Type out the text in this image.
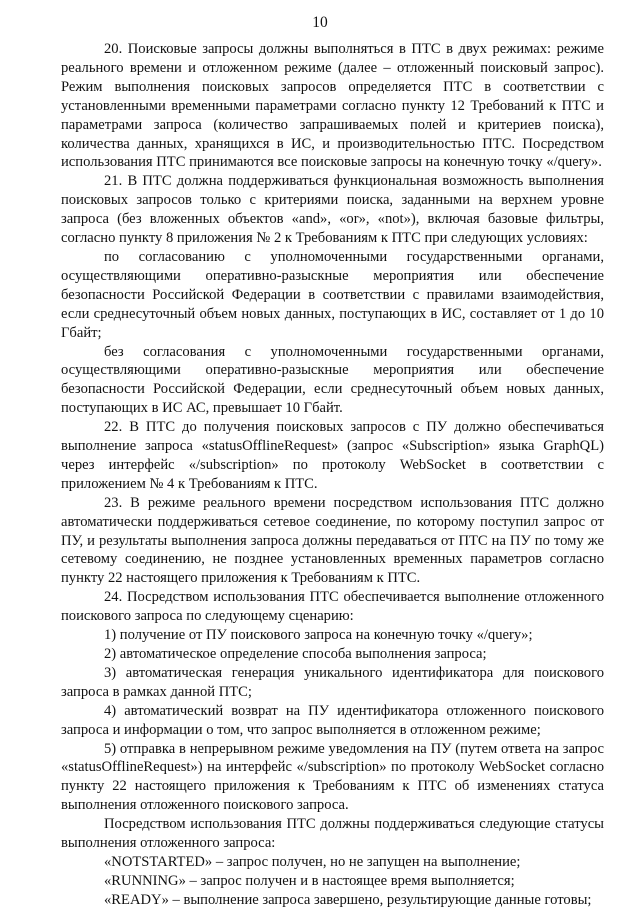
10

20. Поисковые запросы должны выполняться в ПТС в двух режимах: режиме реального времени и отложенном режиме (далее – отложенный поисковый запрос). Режим выполнения поисковых запросов определяется ПТС в соответствии с установленными временными параметрами согласно пункту 12 Требований к ПТС и параметрами запроса (количество запрашиваемых полей и критериев поиска), количества данных, хранящихся в ИС, и производительностью ПТС. Посредством использования ПТС принимаются все поисковые запросы на конечную точку «/query».

21. В ПТС должна поддерживаться функциональная возможность выполнения поисковых запросов только с критериями поиска, заданными на верхнем уровне запроса (без вложенных объектов «and», «or», «not»), включая базовые фильтры, согласно пункту 8 приложения № 2 к Требованиям к ПТС при следующих условиях:

по согласованию с уполномоченными государственными органами, осуществляющими оперативно-разыскные мероприятия или обеспечение безопасности Российской Федерации в соответствии с правилами взаимодействия, если среднесуточный объем новых данных, поступающих в ИС, составляет от 1 до 10 Гбайт;

без согласования с уполномоченными государственными органами, осуществляющими оперативно-разыскные мероприятия или обеспечение безопасности Российской Федерации, если среднесуточный объем новых данных, поступающих в ИС АС, превышает 10 Гбайт.

22. В ПТС до получения поисковых запросов с ПУ должно обеспечиваться выполнение запроса «statusOfflineRequest» (запрос «Subscription» языка GraphQL) через интерфейс «/subscription» по протоколу WebSocket в соответствии с приложением № 4 к Требованиям к ПТС.

23. В режиме реального времени посредством использования ПТС должно автоматически поддерживаться сетевое соединение, по которому поступил запрос от ПУ, и результаты выполнения запроса должны передаваться от ПТС на ПУ по тому же сетевому соединению, не позднее установленных временных параметров согласно пункту 22 настоящего приложения к Требованиям к ПТС.

24. Посредством использования ПТС обеспечивается выполнение отложенного поискового запроса по следующему сценарию:

1) получение от ПУ поискового запроса на конечную точку «/query»;

2) автоматическое определение способа выполнения запроса;

3) автоматическая генерация уникального идентификатора для поискового запроса в рамках данной ПТС;

4) автоматический возврат на ПУ идентификатора отложенного поискового запроса и информации о том, что запрос выполняется в отложенном режиме;

5) отправка в непрерывном режиме уведомления на ПУ (путем ответа на запрос «statusOfflineRequest») на интерфейс «/subscription» по протоколу WebSocket согласно пункту 22 настоящего приложения к Требованиям к ПТС об изменениях статуса выполнения отложенного поискового запроса.

Посредством использования ПТС должны поддерживаться следующие статусы выполнения отложенного запроса:

«NOTSTARTED» – запрос получен, но не запущен на выполнение;

«RUNNING» – запрос получен и в настоящее время выполняется;

«READY» – выполнение запроса завершено, результирующие данные готовы;
